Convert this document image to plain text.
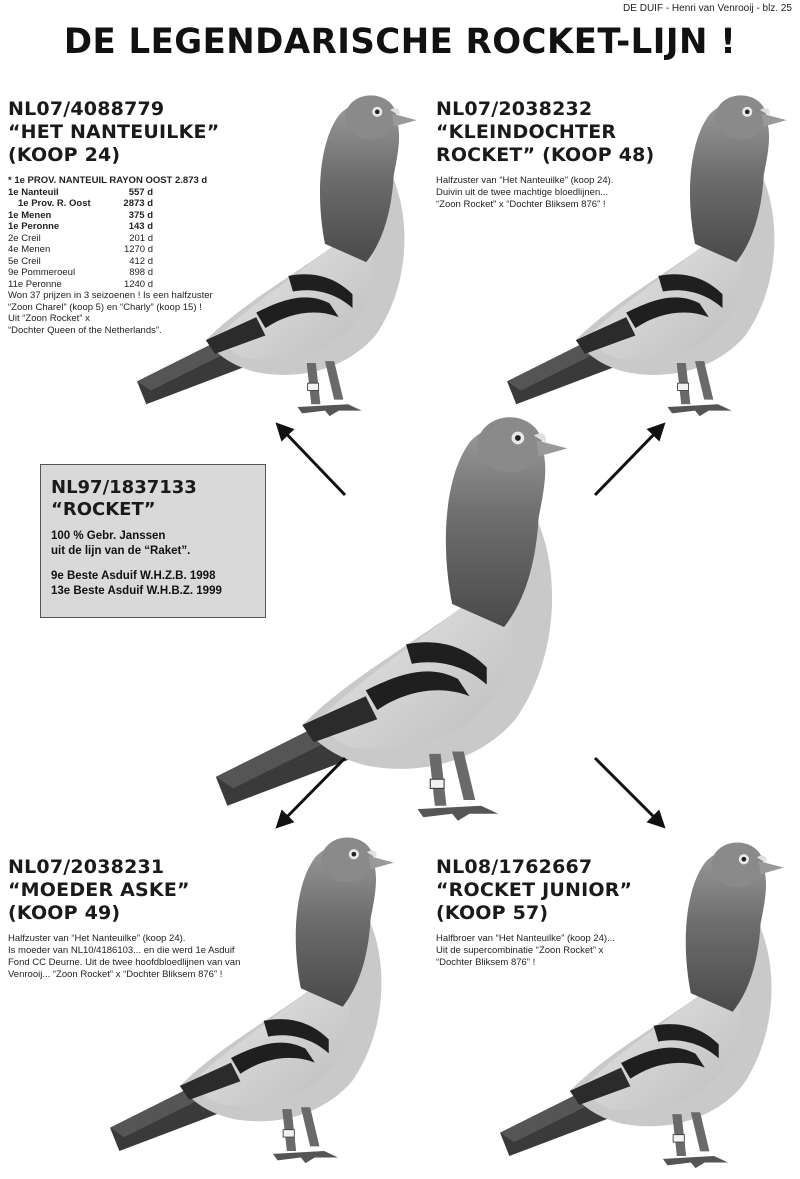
DE DUIF - Henri van Venrooij - blz. 25
DE LEGENDARISCHE ROCKET-LIJN !
NL07/4088779
“HET NANTEUILKE”
(KOOP 24)
* 1e PROV. NANTEUIL RAYON OOST 2.873 d
1e Nanteuil	557 d
1e Prov. R. Oost	2873 d
1e Menen	375 d
1e Peronne	143 d
2e Creil	201 d
4e Menen	1270 d
5e Creil	412 d
9e Pommeroeul	898 d
11e Peronne	1240 d
Won 37 prijzen in 3 seizoenen ! Is een halfzuster
“Zoon Charel” (koop 5) en “Charly” (koop 15) !
Uit “Zoon Rocket” x
“Dochter Queen of the Netherlands”.
NL07/2038232
“KLEINDOCHTER
ROCKET” (KOOP 48)
Halfzuster van “Het Nanteuilke” (koop 24).
Duivin uit de twee machtige bloedlijnen...
“Zoon Rocket” x “Dochter Bliksem 876” !
NL97/1837133
“ROCKET”
100 % Gebr. Janssen
uit de lijn van de “Raket”.
9e Beste Asduif W.H.Z.B. 1998
13e Beste Asduif W.H.B.Z. 1999
NL07/2038231
“MOEDER ASKE”
(KOOP 49)
Halfzuster van “Het Nanteuilke” (koop 24).
Is moeder van NL10/4186103... en die werd 1e Asduif
Fond CC Deurne. Uit de twee hoofdbloedlijnen van van
Venrooij... “Zoon Rocket” x “Dochter Bliksem 876” !
NL08/1762667
“ROCKET JUNIOR”
(KOOP 57)
Halfbroer van “Het Nanteuilke” (koop 24)...
Uit de supercombinatie “Zoon Rocket” x
“Dochter Bliksem 876” !
